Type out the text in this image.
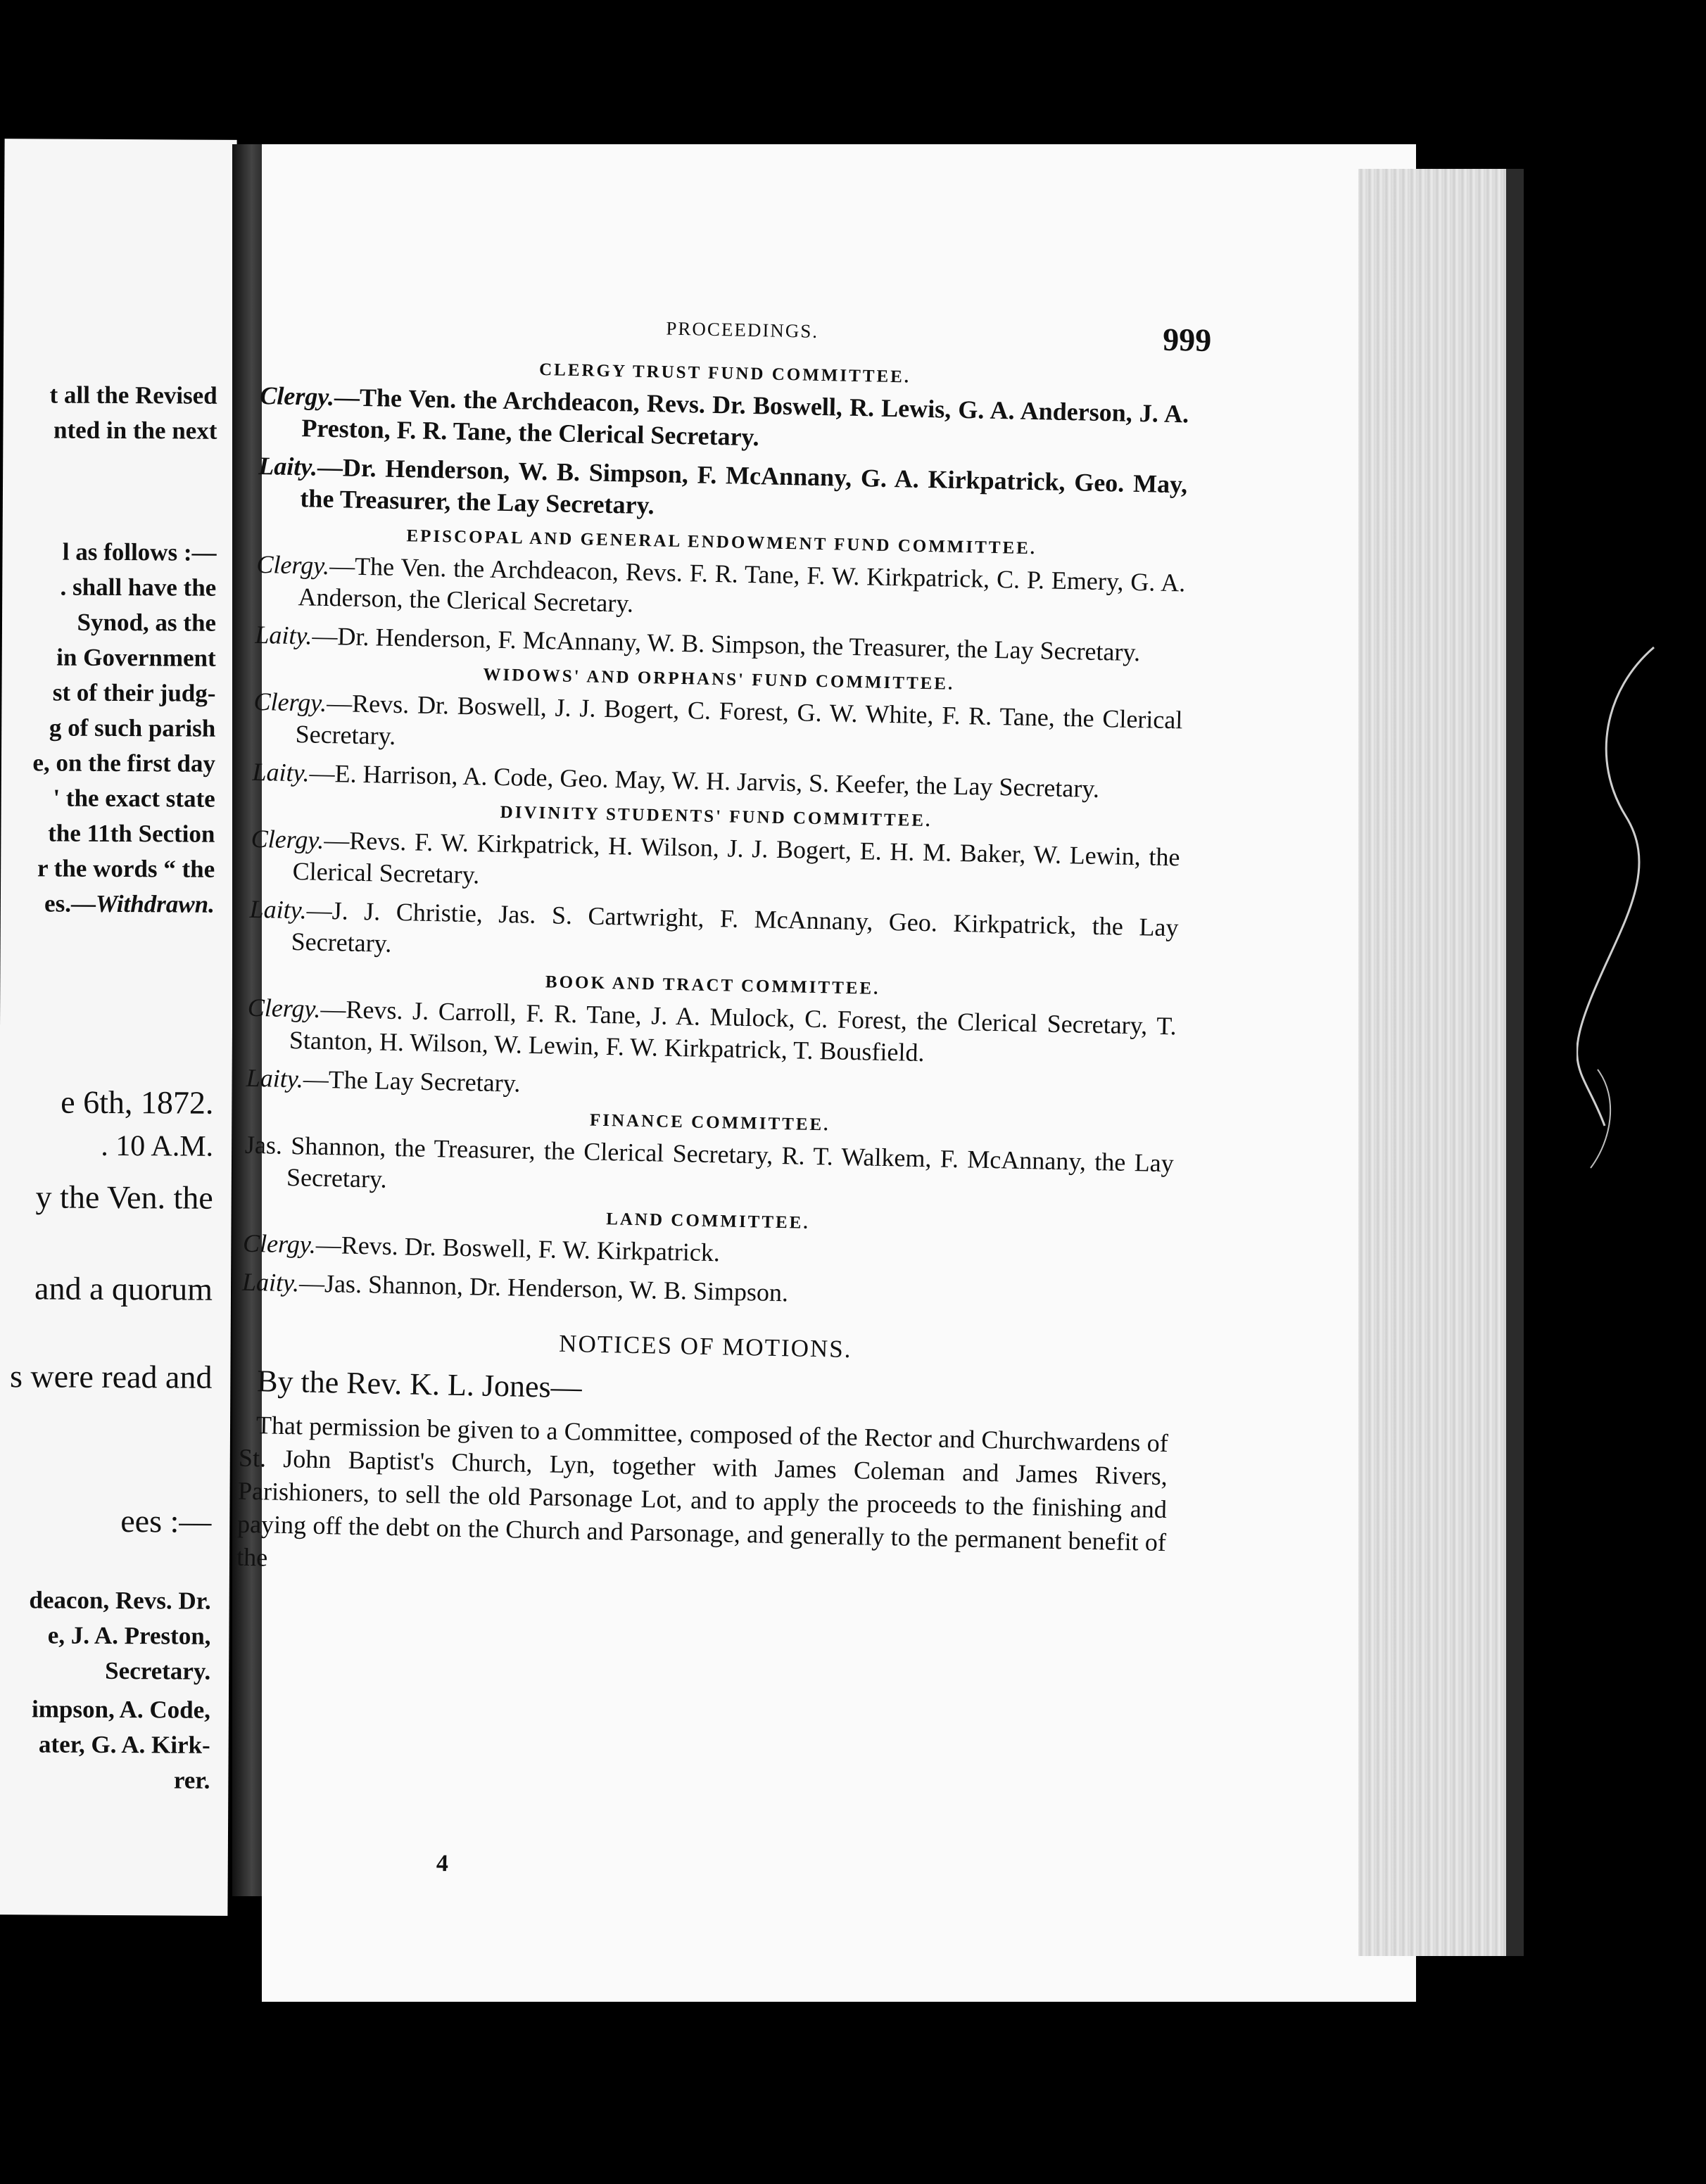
t all the Revised
nted in the next
l as follows :—
. shall have the
Synod, as the
in Government
st of their judg-
g of such parish
e, on the first day
' the exact state
the 11th Section
r the words “ the
es.—Withdrawn.
e 6th, 1872.
. 10 A.M.
y the Ven. the
and a quorum
s were read and
ees :—
deacon, Revs. Dr.
e, J. A. Preston,
Secretary.
impson, A. Code,
ater, G. A. Kirk-
rer.
PROCEEDINGS.	999
CLERGY TRUST FUND COMMITTEE.

Clergy.—The Ven. the Archdeacon, Revs. Dr. Boswell, R. Lewis, G. A. Anderson, J. A. Preston, F. R. Tane, the Clerical Secretary.

Laity.—Dr. Henderson, W. B. Simpson, F. McAnnany, G. A. Kirkpatrick, Geo. May, the Treasurer, the Lay Secretary.

EPISCOPAL AND GENERAL ENDOWMENT FUND COMMITTEE.

Clergy.—The Ven. the Archdeacon, Revs. F. R. Tane, F. W. Kirkpatrick, C. P. Emery, G. A. Anderson, the Clerical Secretary.

Laity.—Dr. Henderson, F. McAnnany, W. B. Simpson, the Treasurer, the Lay Secretary.

WIDOWS' AND ORPHANS' FUND COMMITTEE.

Clergy.—Revs. Dr. Boswell, J. J. Bogert, C. Forest, G. W. White, F. R. Tane, the Clerical Secretary.

Laity.—E. Harrison, A. Code, Geo. May, W. H. Jarvis, S. Keefer, the Lay Secretary.

DIVINITY STUDENTS' FUND COMMITTEE.

Clergy.—Revs. F. W. Kirkpatrick, H. Wilson, J. J. Bogert, E. H. M. Baker, W. Lewin, the Clerical Secretary.

Laity.—J. J. Christie, Jas. S. Cartwright, F. McAnnany, Geo. Kirkpatrick, the Lay Secretary.

BOOK AND TRACT COMMITTEE.

Clergy.—Revs. J. Carroll, F. R. Tane, J. A. Mulock, C. Forest, the Clerical Secretary, T. Stanton, H. Wilson, W. Lewin, F. W. Kirkpatrick, T. Bousfield.

Laity.—The Lay Secretary.

FINANCE COMMITTEE.

Jas. Shannon, the Treasurer, the Clerical Secretary, R. T. Walkem, F. McAnnany, the Lay Secretary.

LAND COMMITTEE.

Clergy.—Revs. Dr. Boswell, F. W. Kirkpatrick.

Laity.—Jas. Shannon, Dr. Henderson, W. B. Simpson.

NOTICES OF MOTIONS.
By the Rev. K. L. Jones—

That permission be given to a Committee, composed of the Rector and Churchwardens of St. John Baptist's Church, Lyn, together with James Coleman and James Rivers, Parishioners, to sell the old Parsonage Lot, and to apply the proceeds to the finishing and paying off the debt on the Church and Parsonage, and generally to the permanent benefit of the

4
